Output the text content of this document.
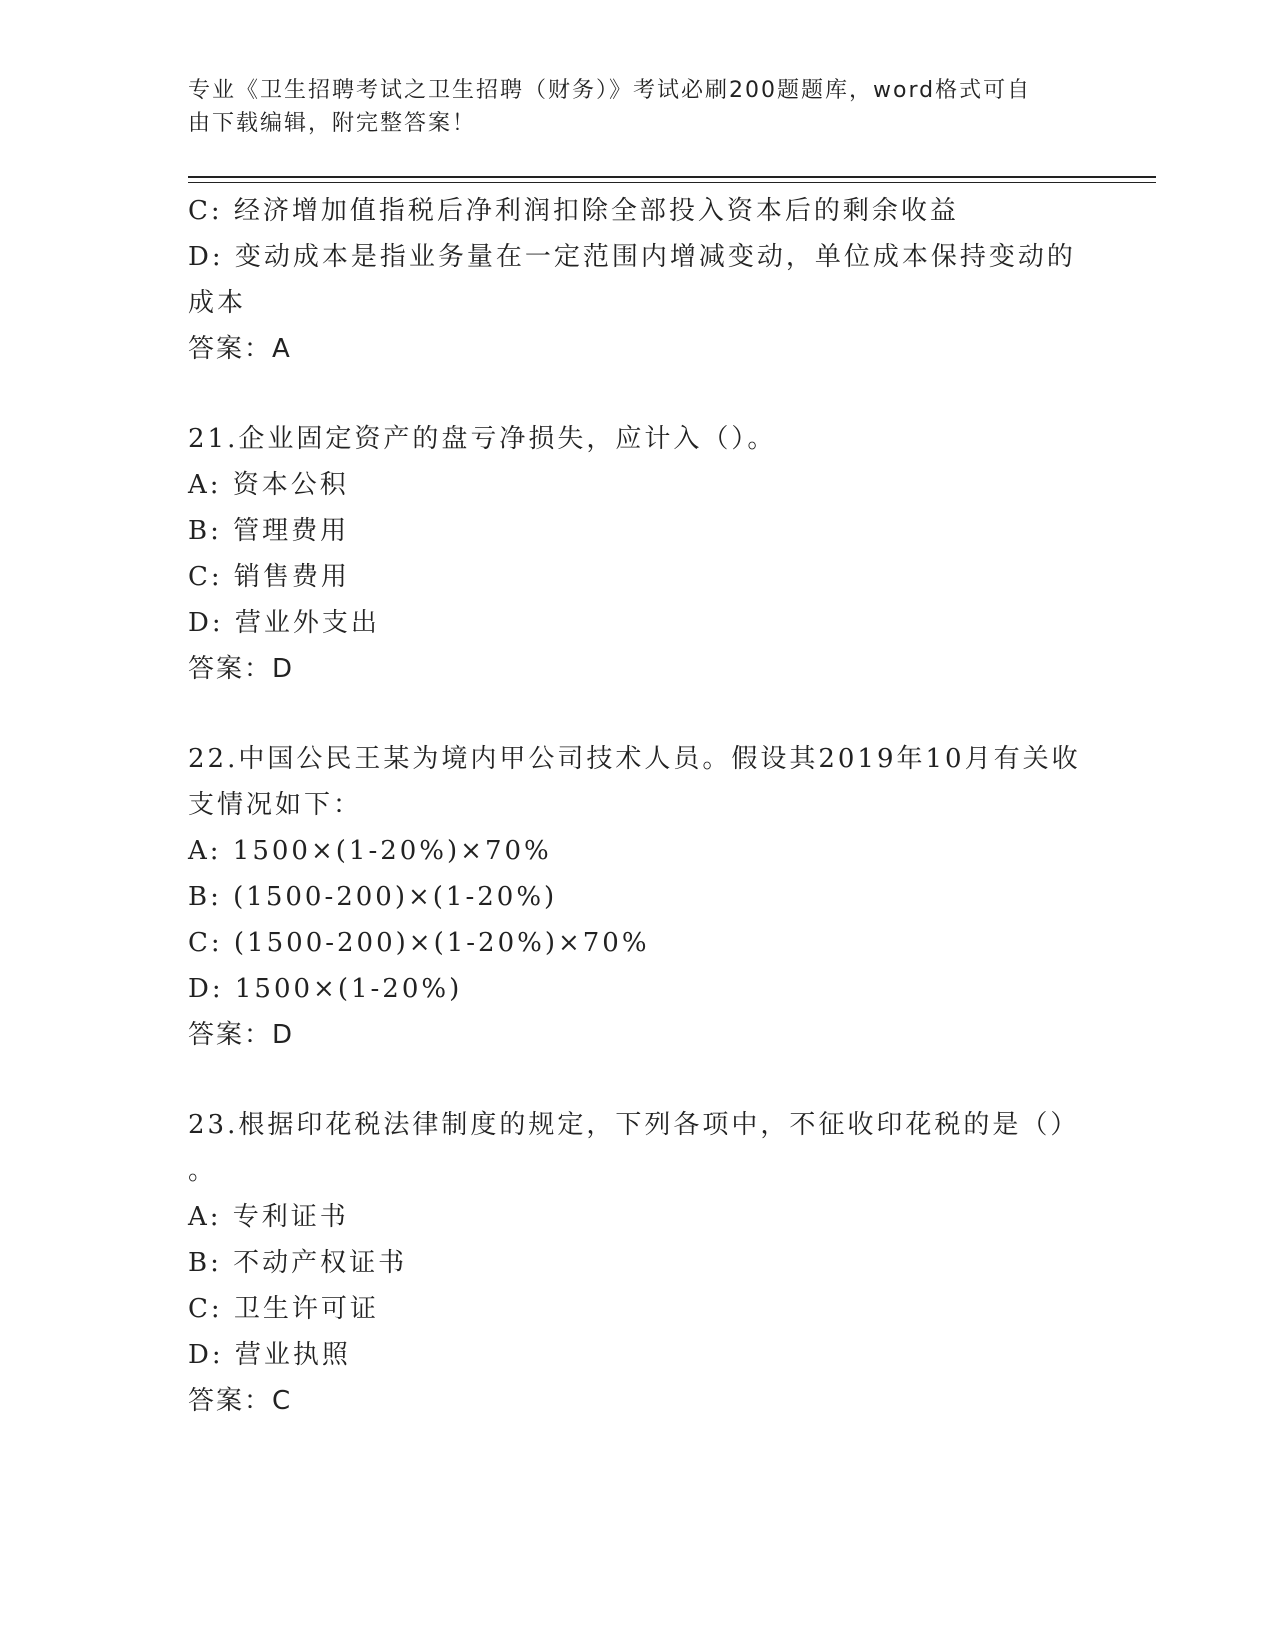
专业《卫生招聘考试之卫生招聘（财务）》考试必刷200题题库，word格式可自
由下载编辑，附完整答案！

C: 经济增加值指税后净利润扣除全部投入资本后的剩余收益

D: 变动成本是指业务量在一定范围内增减变动，单位成本保持变动的

成本

答案：A

21.企业固定资产的盘亏净损失，应计入（）。

A: 资本公积

B: 管理费用

C: 销售费用

D: 营业外支出

答案：D

22.中国公民王某为境内甲公司技术人员。假设其2019年10月有关收

支情况如下：

A: 1500×(1-20%)×70%

B: (1500-200)×(1-20%)

C: (1500-200)×(1-20%)×70%

D: 1500×(1-20%)

答案：D

23.根据印花税法律制度的规定，下列各项中，不征收印花税的是（）

。

A: 专利证书

B: 不动产权证书

C: 卫生许可证

D: 营业执照

答案：C
